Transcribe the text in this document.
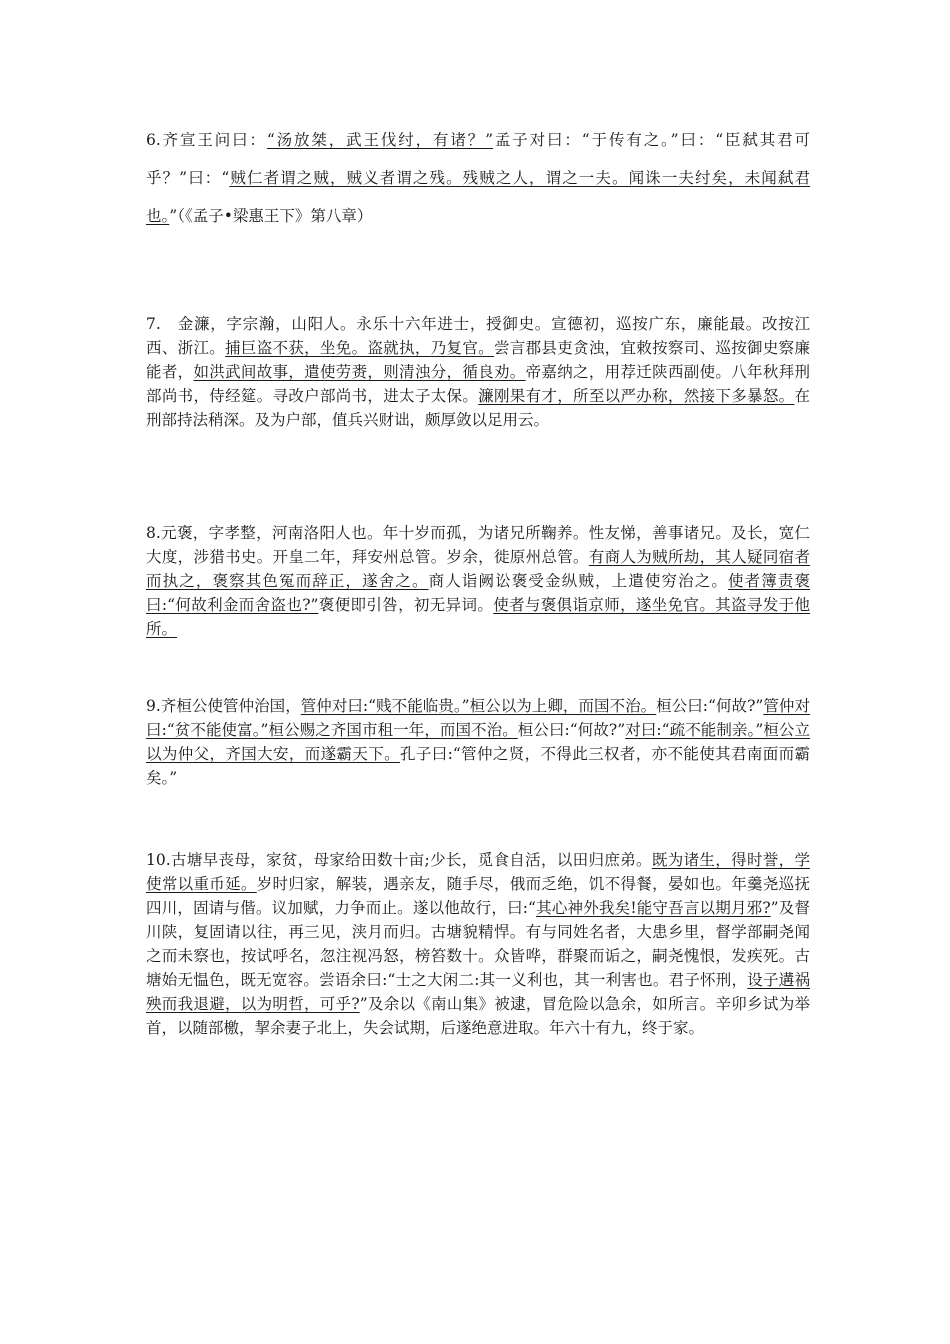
6.齐宣王问曰：“汤放桀，武王伐纣，有诸？”孟子对曰：“于传有之。”曰：“臣弑其君可乎？”曰：“贼仁者谓之贼，贼义者谓之残。残贼之人，谓之一夫。闻诛一夫纣矣，未闻弑君也。”（《孟子•梁惠王下》第八章）
7.　金濂，字宗瀚，山阳人。永乐十六年进士，授御史。宣德初，巡按广东，廉能最。改按江西、浙江。捕巨盗不获，坐免。盗就执，乃复官。尝言郡县吏贪浊，宜敕按察司、巡按御史察廉能者，如洪武间故事，遣使劳赉，则清浊分，循良劝。帝嘉纳之，用荐迁陕西副使。八年秋拜刑部尚书，侍经筵。寻改户部尚书，进太子太保。濂刚果有才，所至以严办称，然接下多暴怒。在刑部持法稍深。及为户部，值兵兴财诎，颇厚敛以足用云。
8.元褒，字孝整，河南洛阳人也。年十岁而孤，为诸兄所鞠养。性友悌，善事诸兄。及长，宽仁大度，涉猎书史。开皇二年，拜安州总管。岁余，徙原州总管。有商人为贼所劫，其人疑同宿者而执之，褒察其色冤而辞正，遂舍之。商人诣阙讼褒受金纵贼，上遣使穷治之。使者簿责褒曰:“何故利金而舍盗也?”褒便即引咎，初无异词。使者与褒俱诣京师，遂坐免官。其盗寻发于他所。
9.齐桓公使管仲治国，管仲对曰:“贱不能临贵。”桓公以为上卿，而国不治。桓公曰:“何故?”管仲对曰:“贫不能使富。”桓公赐之齐国市租一年，而国不治。桓公曰:“何故?”对曰:“疏不能制亲。”桓公立以为仲父，齐国大安，而遂霸天下。孔子曰:“管仲之贤，不得此三权者，亦不能使其君南面而霸矣。”
10.古塘早丧母，家贫，母家给田数十亩;少长，觅食自活，以田归庶弟。既为诸生，得时誉，学使常以重币延。岁时归家，解装，遇亲友，随手尽，俄而乏绝，饥不得餐，晏如也。年羹尧巡抚四川，固请与偕。议加赋，力争而止。遂以他故行，曰:“其心神外我矣!能守吾言以期月邪?”及督川陕，复固请以往，再三见，浃月而归。古塘貌精悍。有与同姓名者，大患乡里，督学部嗣尧闻之而未察也，按试呼名，忽注视冯怒，榜笞数十。众皆哗，群聚而诟之，嗣尧愧恨，发疾死。古塘始无愠色，既无宽容。尝语余曰:“士之大闲二:其一义利也，其一利害也。君子怀刑，设子遘祸殃而我退避，以为明哲，可乎?”及余以《南山集》被逮，冒危险以急余，如所言。辛卯乡试为举首，以随部檄，挈余妻子北上，失会试期，后遂绝意进取。年六十有九，终于家。
